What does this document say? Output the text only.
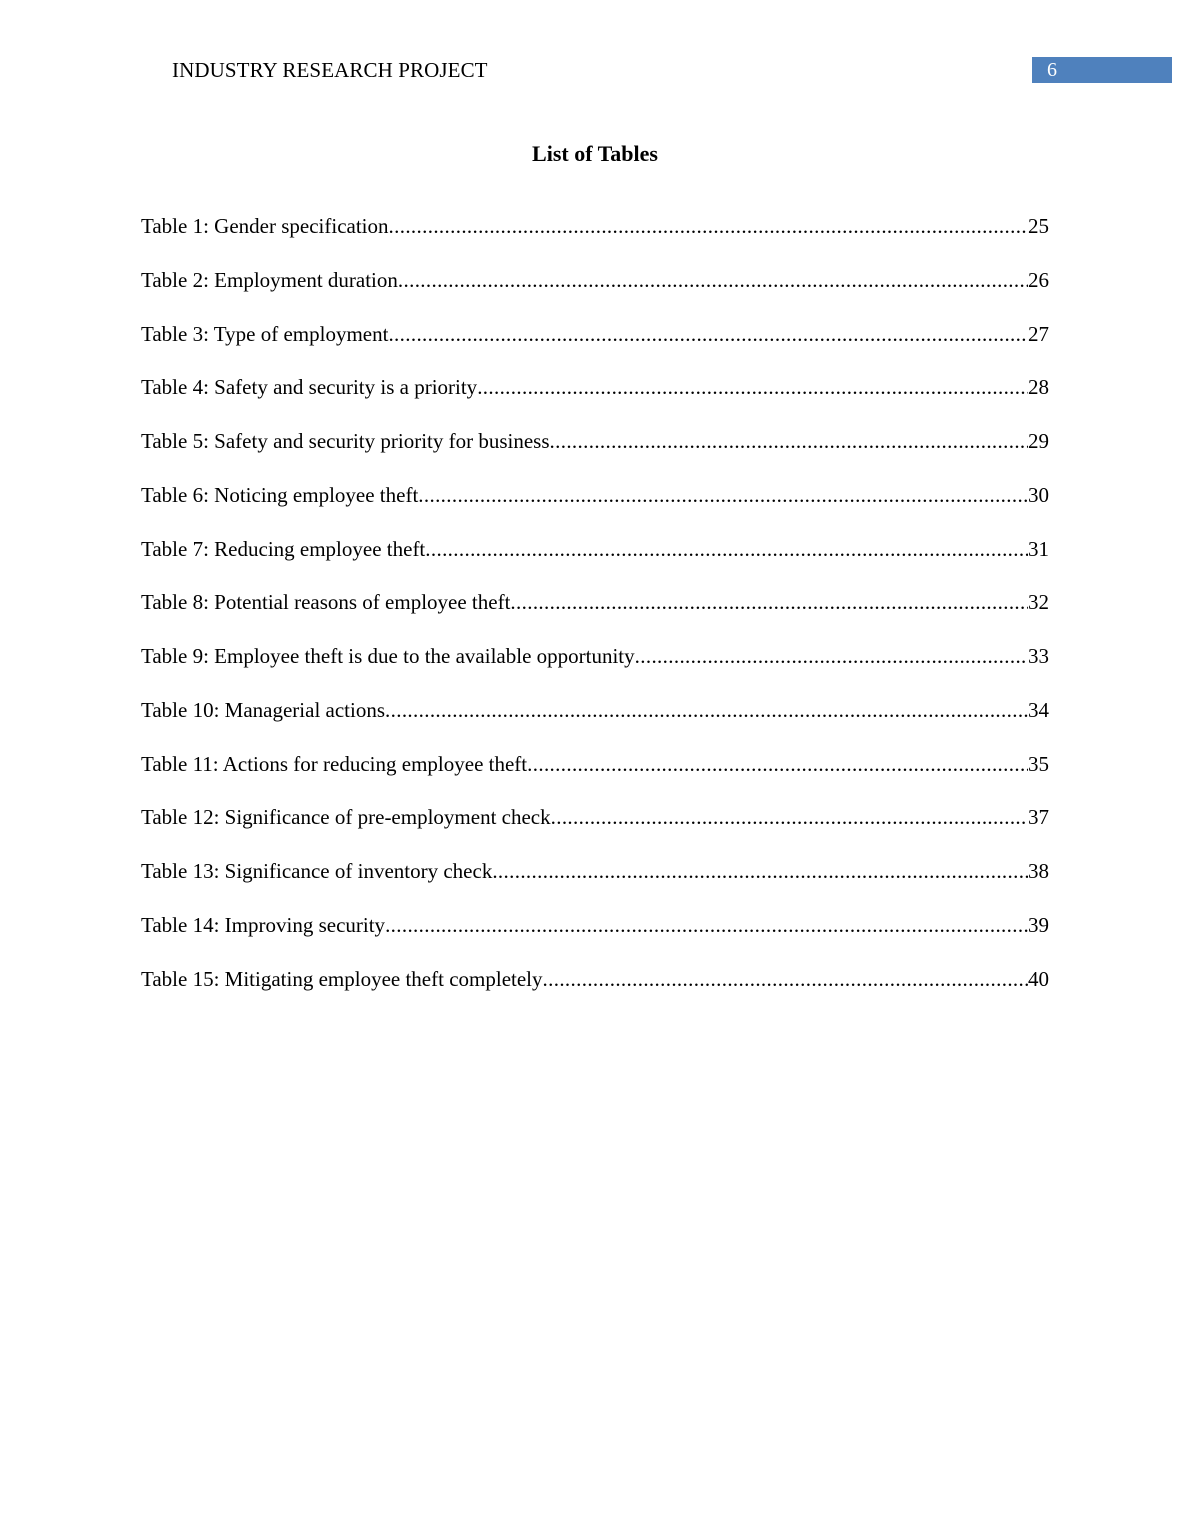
INDUSTRY RESEARCH PROJECT	6
List of Tables
Table 1: Gender specification .....	25
Table 2: Employment duration .....	26
Table 3: Type of employment .....	27
Table 4: Safety and security is a priority .....	28
Table 5: Safety and security priority for business .....	29
Table 6: Noticing employee theft .....	30
Table 7: Reducing employee theft .....	31
Table 8: Potential reasons of employee theft .....	32
Table 9: Employee theft is due to the available opportunity .....	33
Table 10: Managerial actions .....	34
Table 11: Actions for reducing employee theft .....	35
Table 12: Significance of pre-employment check .....	37
Table 13: Significance of inventory check .....	38
Table 14: Improving security .....	39
Table 15: Mitigating employee theft completely .....	40
